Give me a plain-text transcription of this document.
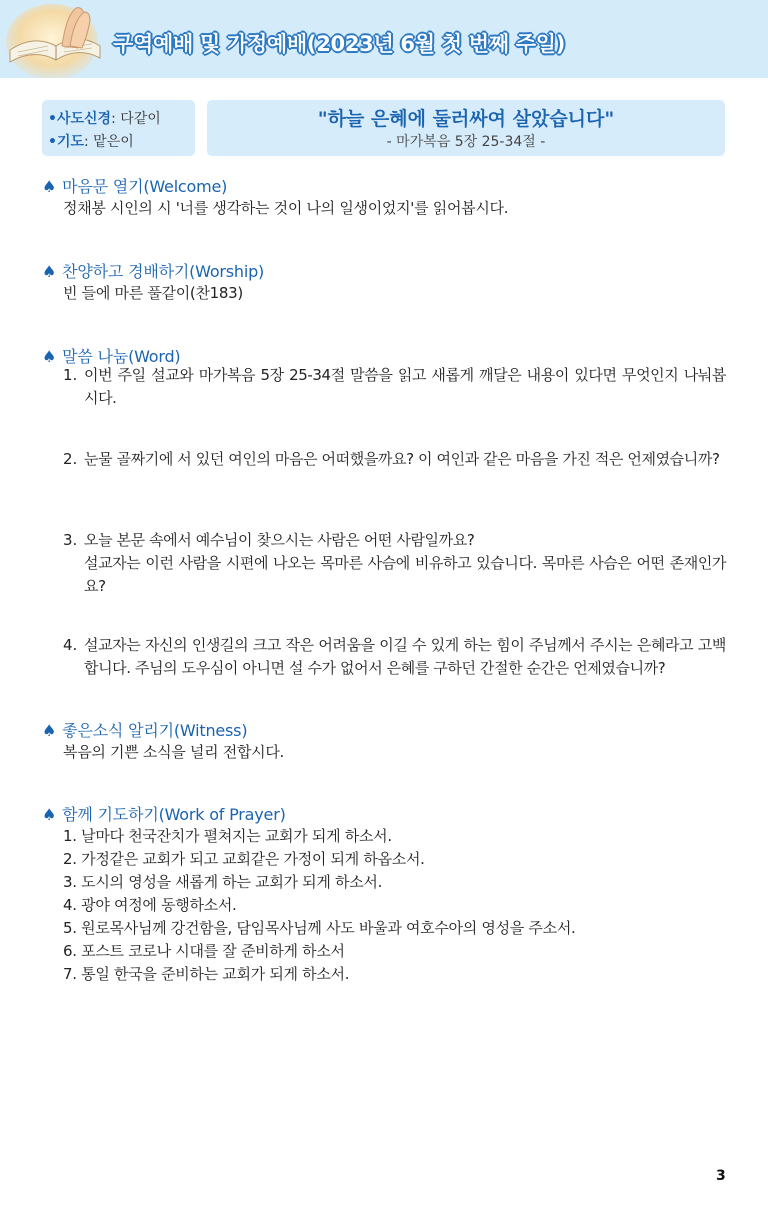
구역예배 및 가정예배(2023년 6월 첫 번째 주일)
•사도신경: 다같이
•기도: 맡은이
"하늘 은혜에 둘러싸여 살았습니다"
- 마가복음 5장 25-34절 -
♠ 마음문 열기(Welcome)
정채봉 시인의 시 '너를 생각하는 것이 나의 일생이었지'를 읽어봅시다.
♠ 찬양하고 경배하기(Worship)
빈 들에 마른 풀같이(찬183)
♠ 말씀 나눔(Word)
1. 이번 주일 설교와 마가복음 5장 25-34절 말씀을 읽고 새롭게 깨달은 내용이 있다면 무엇인지 나눠봅시다.
2. 눈물 골짜기에 서 있던 여인의 마음은 어떠했을까요? 이 여인과 같은 마음을 가진 적은 언제였습니까?
3. 오늘 본문 속에서 예수님이 찾으시는 사람은 어떤 사람일까요?
설교자는 이런 사람을 시편에 나오는 목마른 사슴에 비유하고 있습니다. 목마른 사슴은 어떤 존재인가요?
4. 설교자는 자신의 인생길의 크고 작은 어려움을 이길 수 있게 하는 힘이 주님께서 주시는 은혜라고 고백합니다. 주님의 도우심이 아니면 설 수가 없어서 은혜를 구하던 간절한 순간은 언제였습니까?
♠ 좋은소식 알리기(Witness)
복음의 기쁜 소식을 널리 전합시다.
♠ 함께 기도하기(Work of Prayer)
1. 날마다 천국잔치가 펼쳐지는 교회가 되게 하소서.
2. 가정같은 교회가 되고 교회같은 가정이 되게 하옵소서.
3. 도시의 영성을 새롭게 하는 교회가 되게 하소서.
4. 광야 여정에 동행하소서.
5. 원로목사님께 강건함을, 담임목사님께 사도 바울과 여호수아의 영성을 주소서.
6. 포스트 코로나 시대를 잘 준비하게 하소서
7. 통일 한국을 준비하는 교회가 되게 하소서.
3
